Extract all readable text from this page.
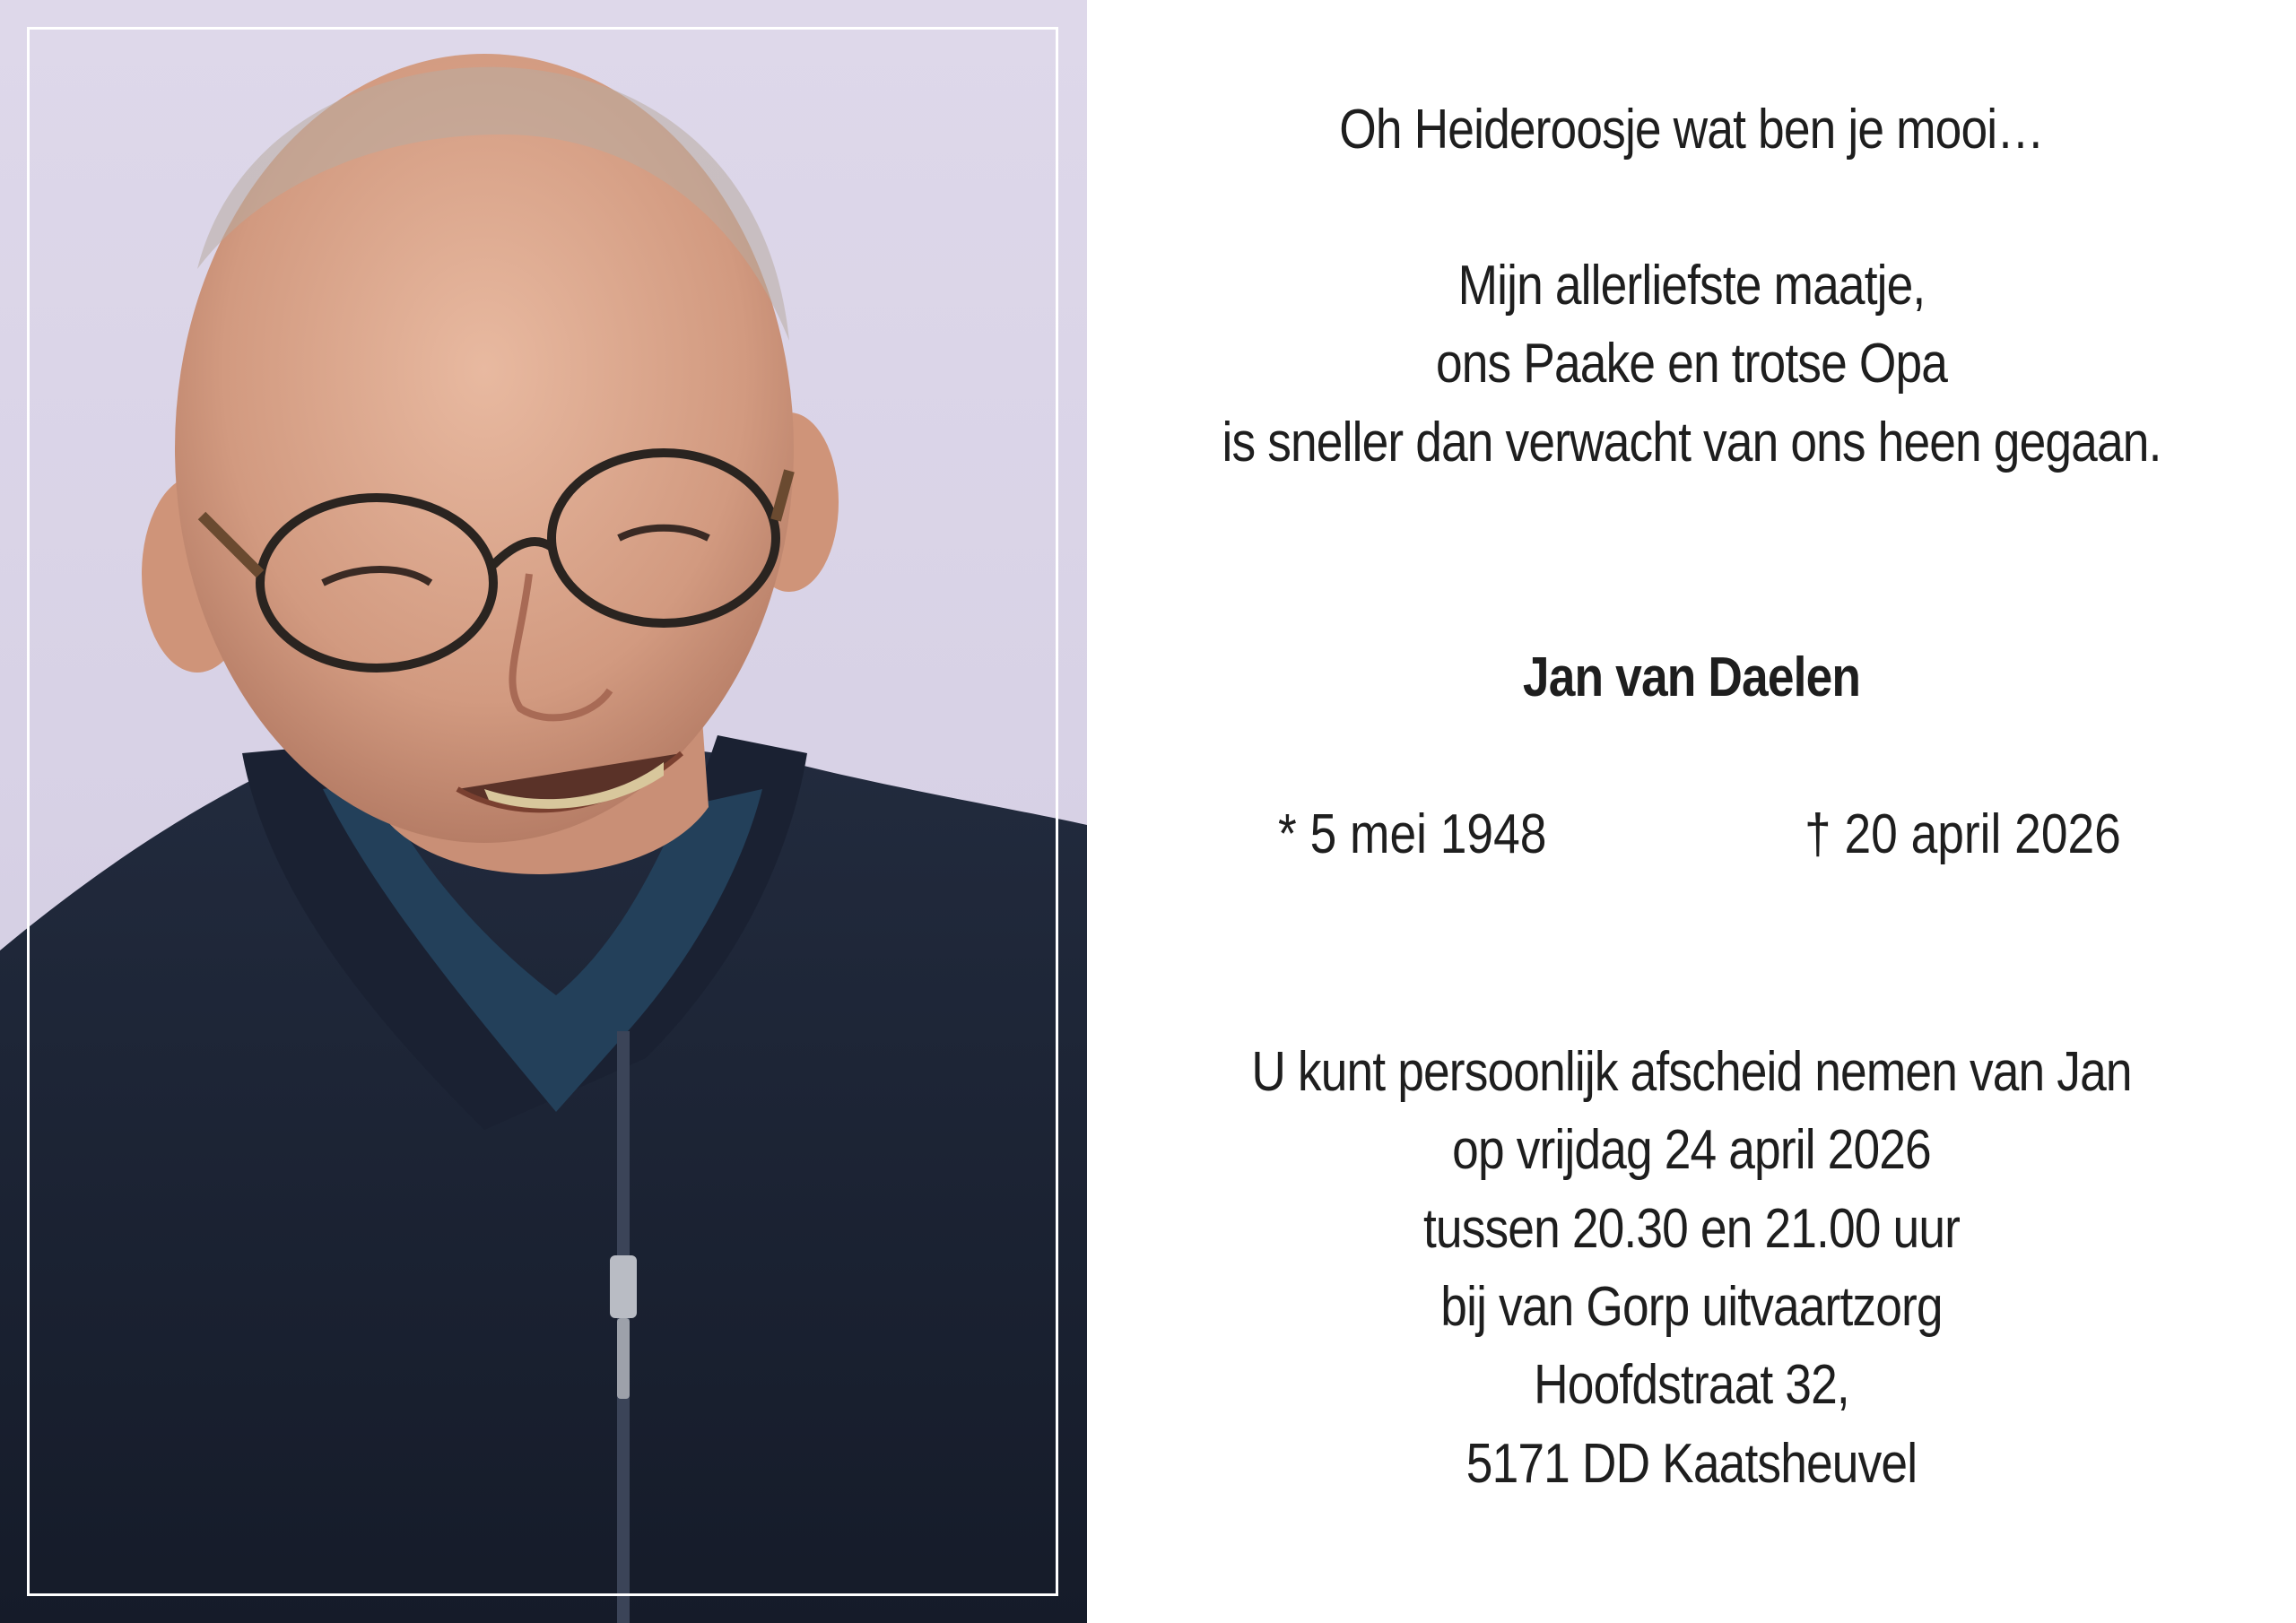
Oh Heideroosje wat ben je mooi…
Mijn allerliefste maatje,
ons Paake en trotse Opa
is sneller dan verwacht van ons heen gegaan.
Jan van Daelen
* 5 mei 1948	† 20 april 2026
U kunt persoonlijk afscheid nemen van Jan
op vrijdag 24 april 2026
tussen 20.30 en 21.00 uur
bij van Gorp uitvaartzorg
Hoofdstraat 32,
5171 DD Kaatsheuvel
